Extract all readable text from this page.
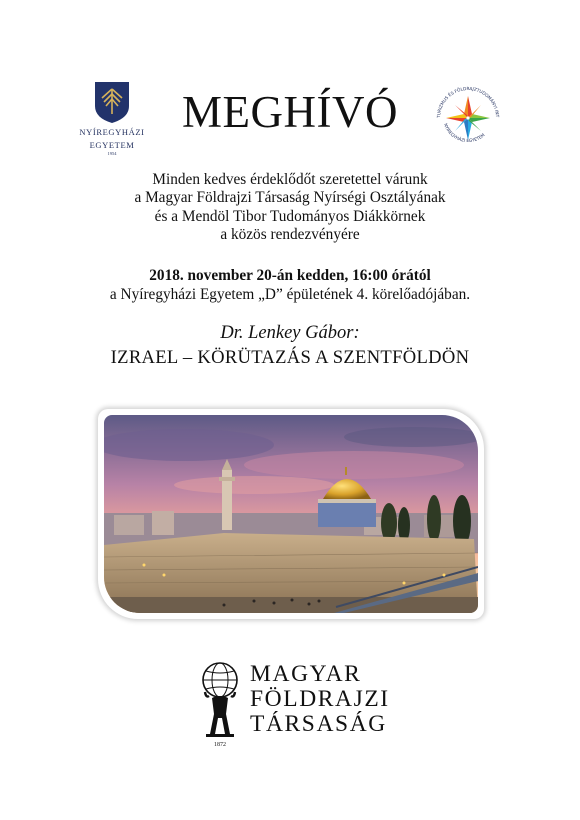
NYÍREGYHÁZI
EGYETEM
1954
MEGHÍVÓ	TURIZMUS ÉS FÖLDRAJZTUDOMÁNYI INT
NYÍREGYHÁZI EGYETEM
Minden kedves érdeklődőt szeretettel várunk
a Magyar Földrajzi Társaság Nyírségi Osztályának
és a Mendöl Tibor Tudományos Diákkörnek
a közös rendezvényére
2018. november 20-án kedden, 16:00 órától
a Nyíregyházi Egyetem „D” épületének 4. körelőadójában.
Dr. Lenkey Gábor:
IZRAEL – KÖRÜTAZÁS A SZENTFÖLDÖN
1872
MAGYAR
FÖLDRAJZI
TÁRSASÁG
